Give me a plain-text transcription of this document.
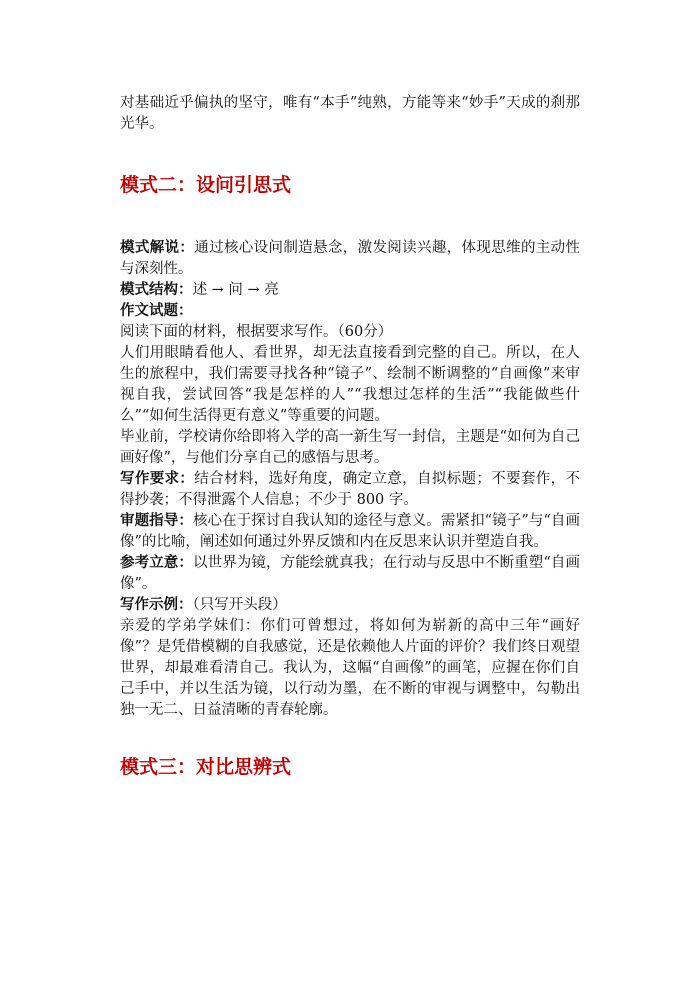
对基础近乎偏执的坚守，唯有“本手”纯熟，方能等来“妙手”天成的刹那光华。

模式二：设问引思式

模式解说：通过核心设问制造悬念，激发阅读兴趣，体现思维的主动性与深刻性。

模式结构：述 → 问 → 亮

作文试题：

阅读下面的材料，根据要求写作。（60分）

人们用眼睛看他人、看世界，却无法直接看到完整的自己。所以，在人生的旅程中，我们需要寻找各种“镜子”、绘制不断调整的“自画像”来审视自我，尝试回答“我是怎样的人”“我想过怎样的生活”“我能做些什么”“如何生活得更有意义”等重要的问题。

毕业前，学校请你给即将入学的高一新生写一封信，主题是“如何为自己画好像”，与他们分享自己的感悟与思考。

写作要求：结合材料，选好角度，确定立意，自拟标题；不要套作，不得抄袭；不得泄露个人信息；不少于 800 字。

审题指导：核心在于探讨自我认知的途径与意义。需紧扣“镜子”与“自画像”的比喻，阐述如何通过外界反馈和内在反思来认识并塑造自我。

参考立意：以世界为镜，方能绘就真我；在行动与反思中不断重塑“自画像”。

写作示例：（只写开头段）

亲爱的学弟学妹们：你们可曾想过，将如何为崭新的高中三年“画好像”？是凭借模糊的自我感觉，还是依赖他人片面的评价？我们终日观望世界，却最难看清自己。我认为，这幅“自画像”的画笔，应握在你们自己手中，并以生活为镜，以行动为墨，在不断的审视与调整中，勾勒出独一无二、日益清晰的青春轮廓。

模式三：对比思辨式
